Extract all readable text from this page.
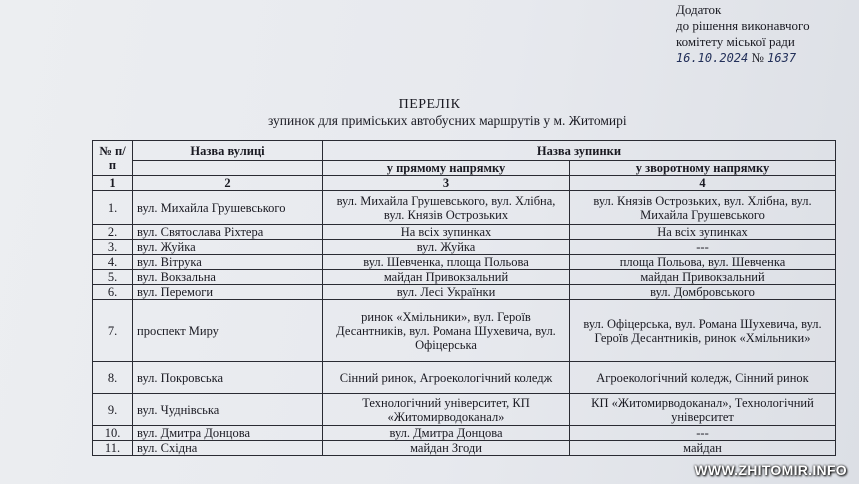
Додаток
до рішення виконавчого
комітету міської ради
16.10.2024 № 1637
ПЕРЕЛІК
зупинок для приміських автобусних маршрутів у м. Житомирі
№ п/п	Назва вулиці	Назва зупинки	
		у прямому напрямку	у зворотному напрямку
1	2	3	4
1.	вул. Михайла Грушевського	вул. Михайла Грушевського, вул. Хлібна, вул. Князів Острозьких	вул. Князів Острозьких, вул. Хлібна, вул. Михайла Грушевського
2.	вул. Святослава Ріхтера	На всіх зупинках	На всіх зупинках
3.	вул. Жуйка	вул. Жуйка	---
4.	вул. Вітрука	вул. Шевченка, площа Польова	площа Польова, вул. Шевченка
5.	вул. Вокзальна	майдан Привокзальний	майдан Привокзальний
6.	вул. Перемоги	вул. Лесі Українки	вул. Домбровського
7.	проспект Миру	ринок «Хмільники», вул. Героїв Десантників, вул. Романа Шухевича, вул. Офіцерська	вул. Офіцерська, вул. Романа Шухевича, вул. Героїв Десантників, ринок «Хмільники»
8.	вул. Покровська	Сінний ринок, Агроекологічний коледж	Агроекологічний коледж, Сінний ринок
9.	вул. Чуднівська	Технологічний університет, КП «Житомирводоканал»	КП «Житомирводоканал», Технологічний університет
10.	вул. Дмитра Донцова	вул. Дмитра Донцова	---
11.	вул. Східна	майдан Згоди	майдан
WWW.ZHITOMIR.INFO
